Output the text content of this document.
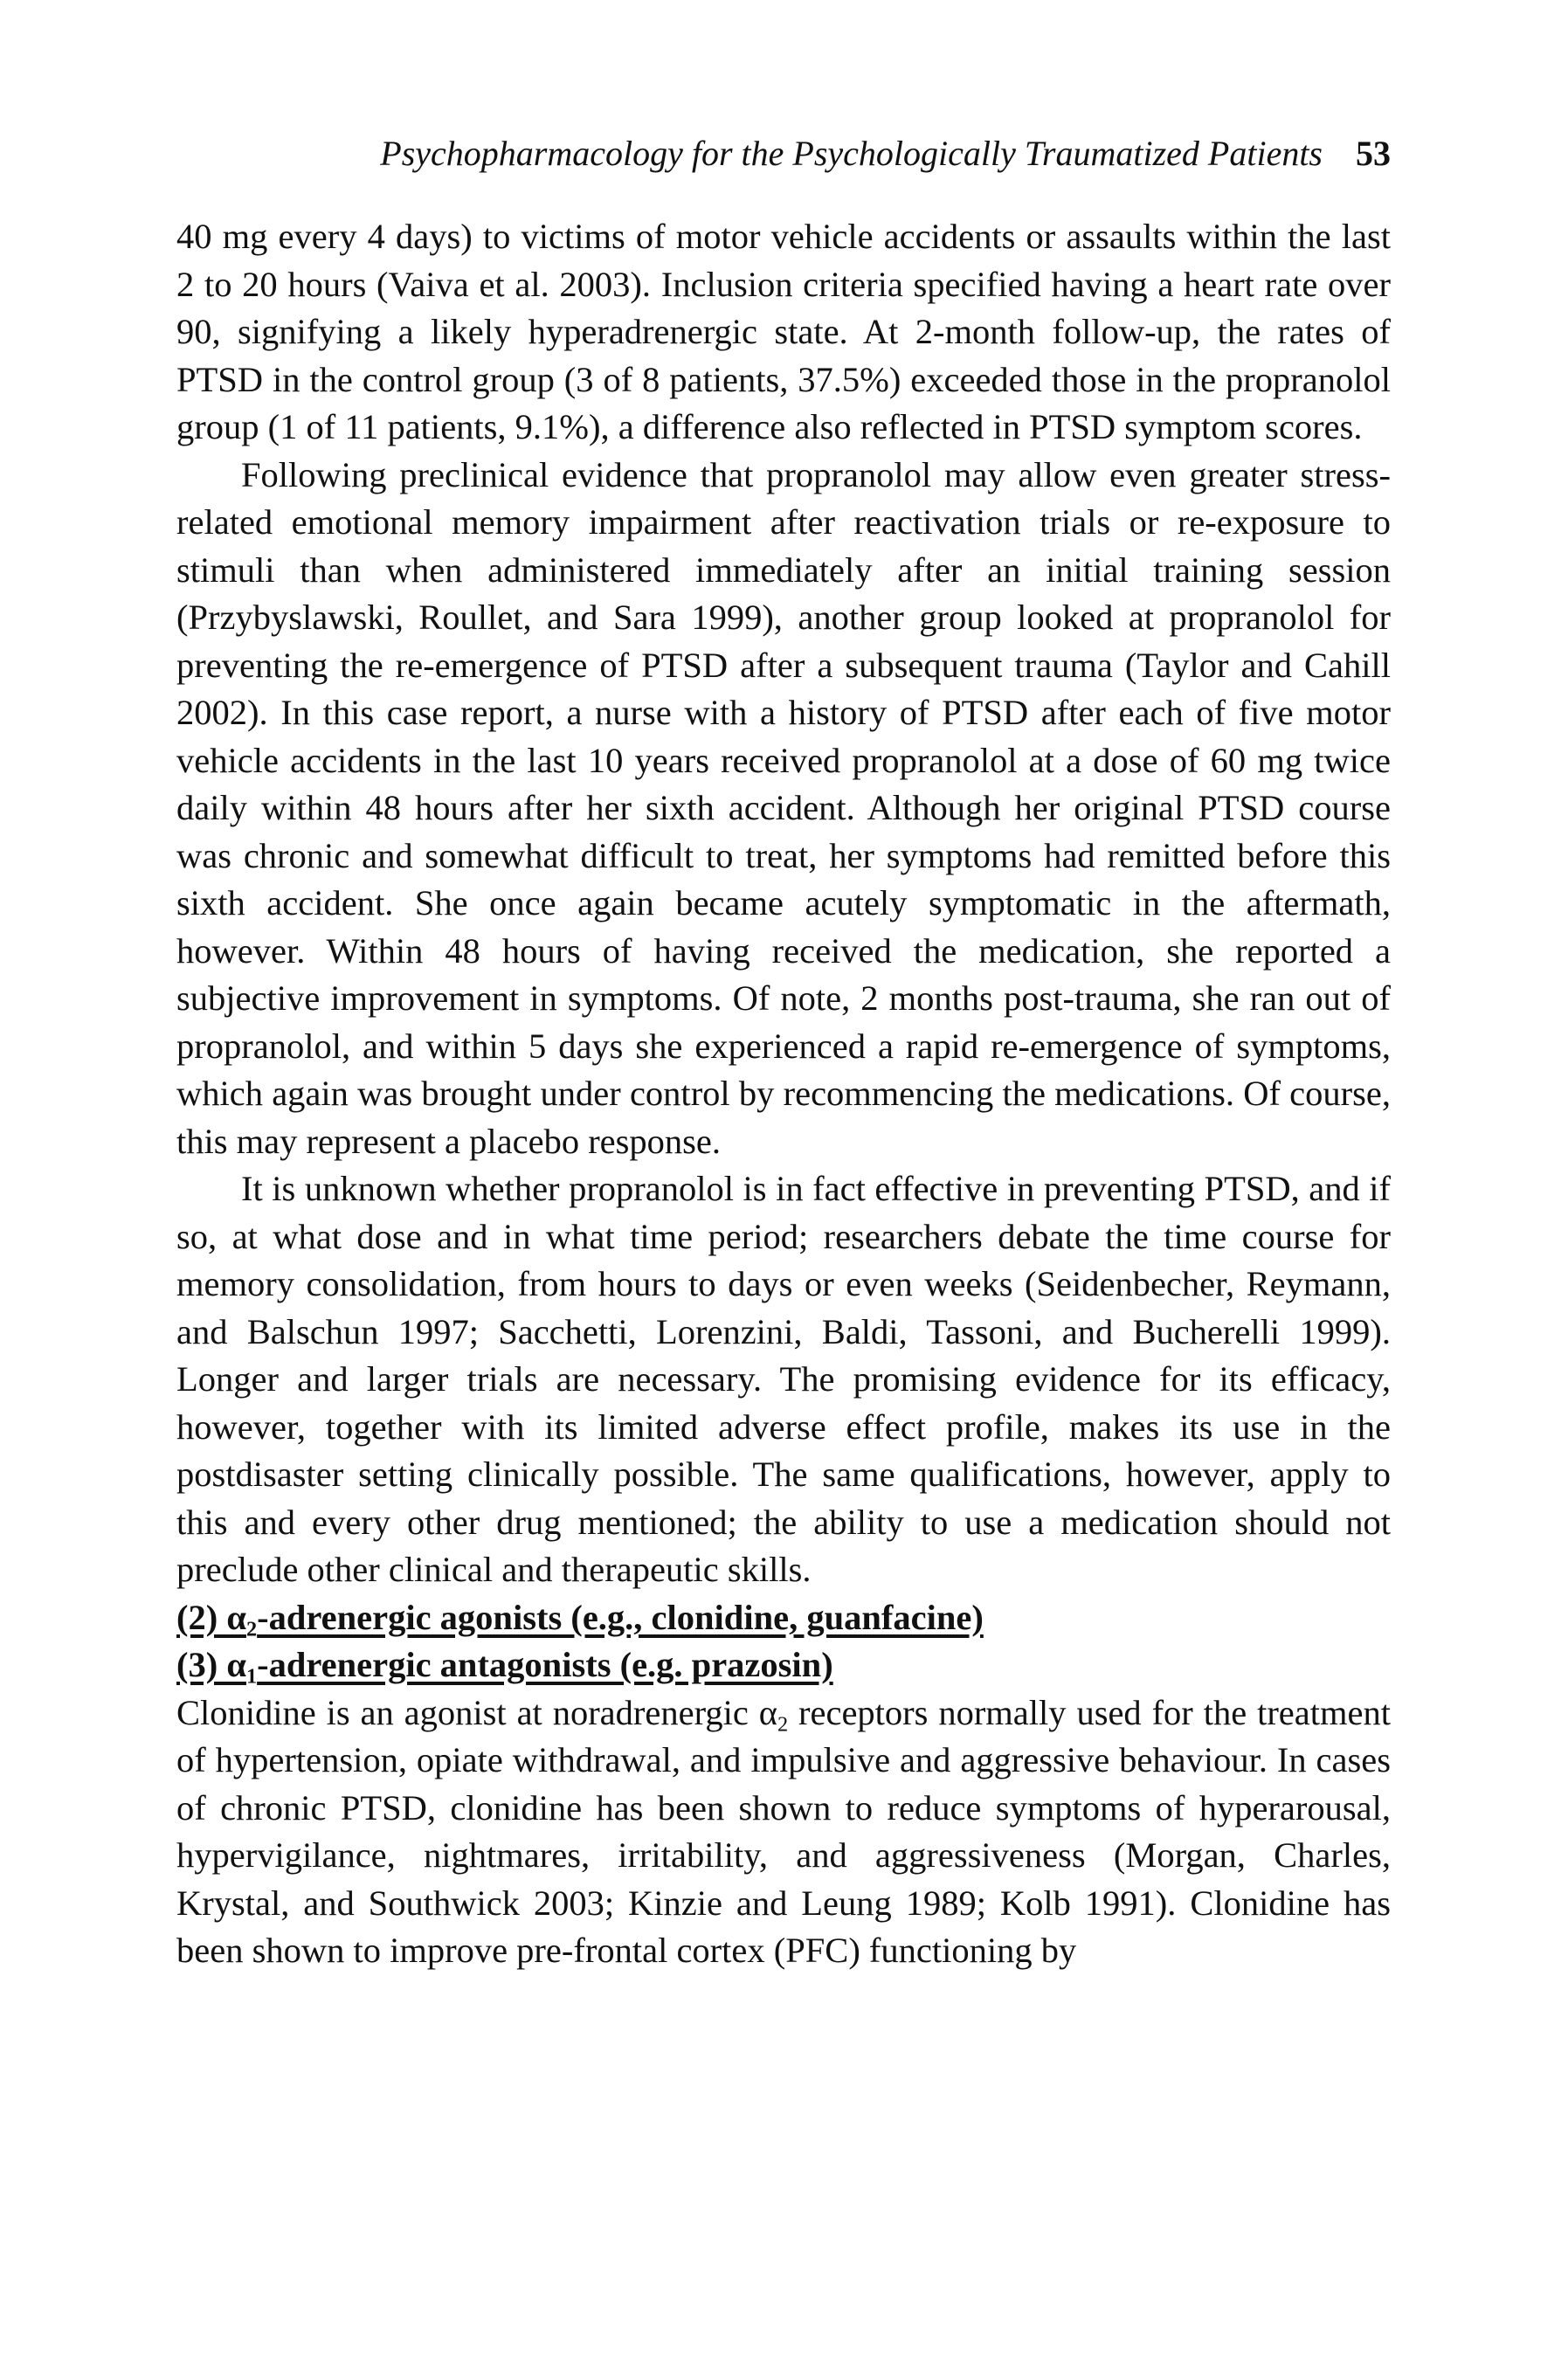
Psychopharmacology for the Psychologically Traumatized Patients 53

40 mg every 4 days) to victims of motor vehicle accidents or assaults within the last 2 to 20 hours (Vaiva et al. 2003). Inclusion criteria specified having a heart rate over 90, signifying a likely hyperadrenergic state. At 2-month follow-up, the rates of PTSD in the control group (3 of 8 patients, 37.5%) exceeded those in the propranolol group (1 of 11 patients, 9.1%), a difference also reflected in PTSD symptom scores.

Following preclinical evidence that propranolol may allow even greater stress-related emotional memory impairment after reactivation trials or re-exposure to stimuli than when administered immediately after an initial training session (Przybyslawski, Roullet, and Sara 1999), another group looked at propranolol for preventing the re-emergence of PTSD after a subsequent trauma (Taylor and Cahill 2002). In this case report, a nurse with a history of PTSD after each of five motor vehicle accidents in the last 10 years received propranolol at a dose of 60 mg twice daily within 48 hours after her sixth accident. Although her original PTSD course was chronic and somewhat difficult to treat, her symptoms had remitted before this sixth accident. She once again became acutely symptomatic in the aftermath, however. Within 48 hours of having received the medication, she reported a subjective improvement in symptoms. Of note, 2 months post-trauma, she ran out of propranolol, and within 5 days she experienced a rapid re-emergence of symptoms, which again was brought under control by recommencing the medications. Of course, this may represent a placebo response.

It is unknown whether propranolol is in fact effective in preventing PTSD, and if so, at what dose and in what time period; researchers debate the time course for memory consolidation, from hours to days or even weeks (Seidenbecher, Reymann, and Balschun 1997; Sacchetti, Lorenzini, Baldi, Tassoni, and Bucherelli 1999). Longer and larger trials are necessary. The promising evidence for its efficacy, however, together with its limited adverse effect profile, makes its use in the postdisaster setting clinically possible. The same qualifications, however, apply to this and every other drug mentioned; the ability to use a medication should not preclude other clinical and therapeutic skills.

(2) $\alpha_2$-adrenergic agonists (e.g., clonidine, guanfacine)

(3) $\alpha_1$-adrenergic antagonists (e.g. prazosin)

Clonidine is an agonist at noradrenergic $\alpha_2$ receptors normally used for the treatment of hypertension, opiate withdrawal, and impulsive and aggressive behaviour. In cases of chronic PTSD, clonidine has been shown to reduce symptoms of hyperarousal, hypervigilance, nightmares, irritability, and aggressiveness (Morgan, Charles, Krystal, and Southwick 2003; Kinzie and Leung 1989; Kolb 1991). Clonidine has been shown to improve pre-frontal cortex (PFC) functioning by
